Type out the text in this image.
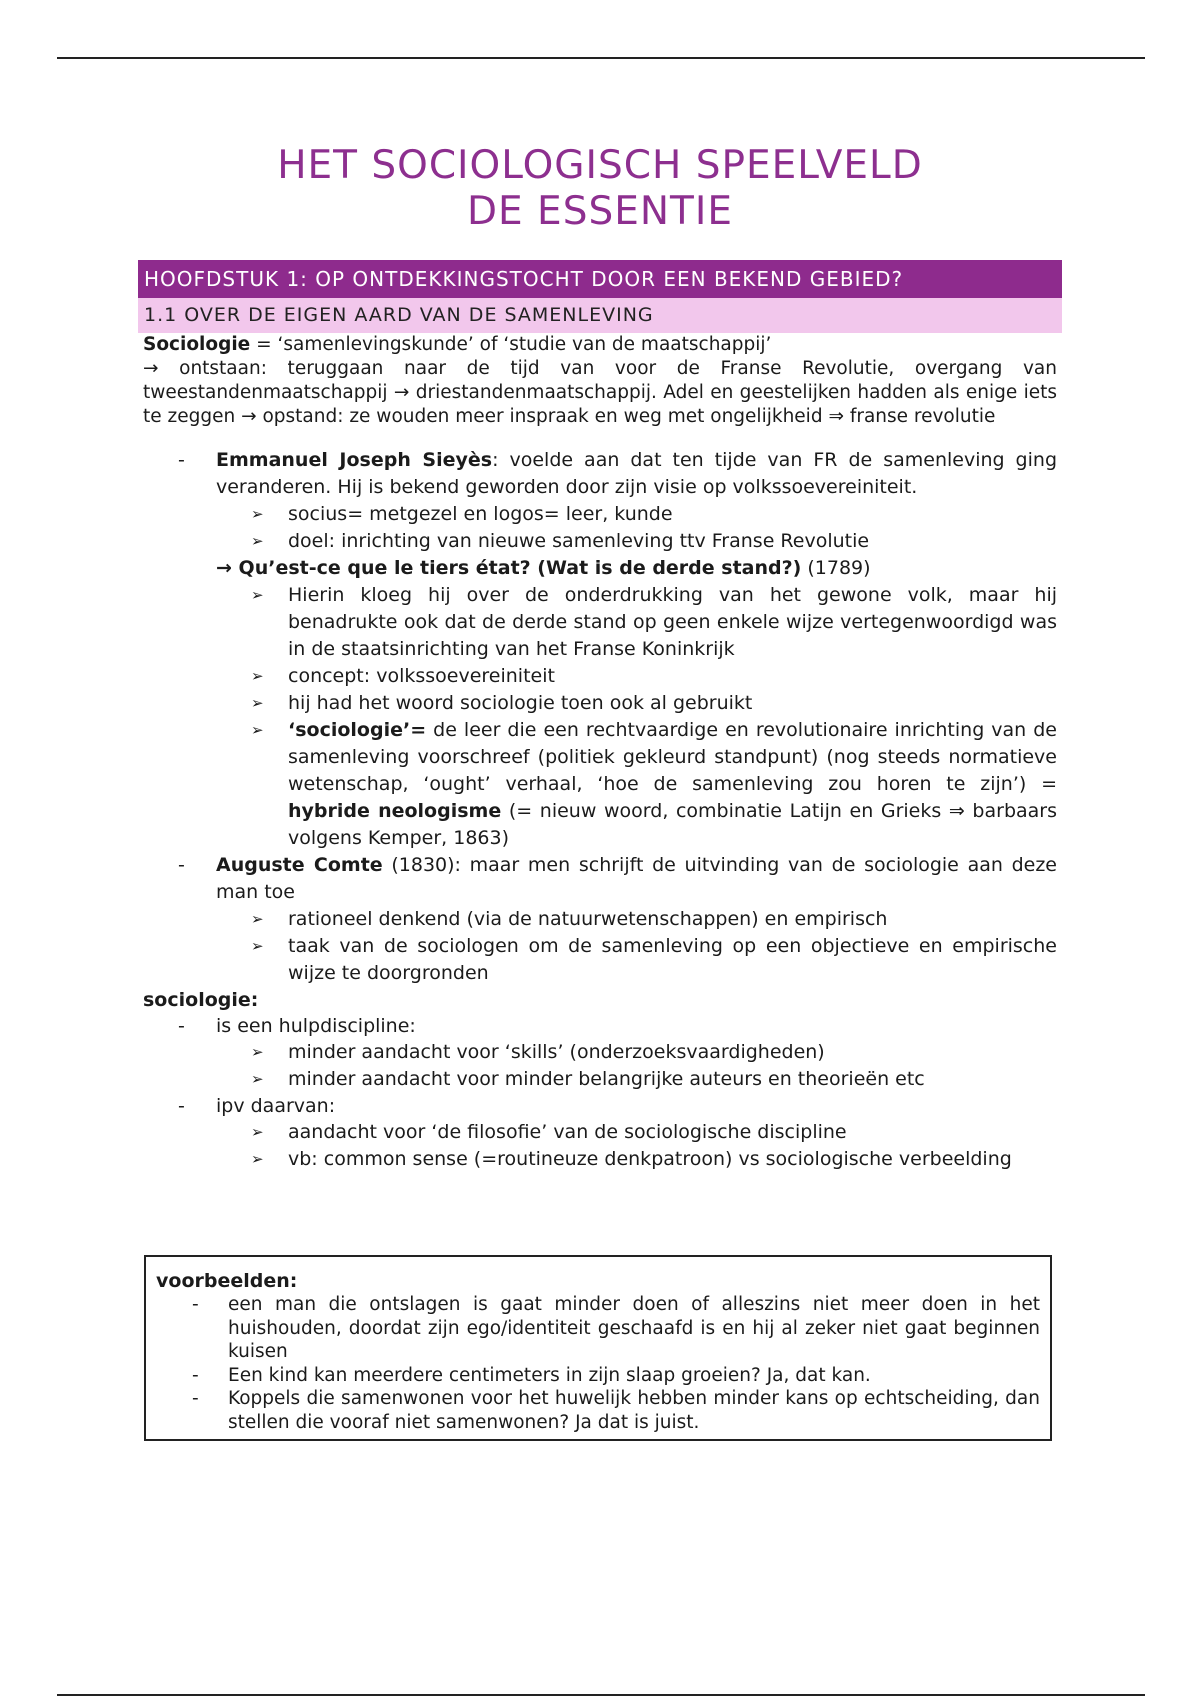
HET SOCIOLOGISCH SPEELVELD
DE ESSENTIE
HOOFDSTUK 1: OP ONTDEKKINGSTOCHT DOOR EEN BEKEND GEBIED?
1.1 OVER DE EIGEN AARD VAN DE SAMENLEVING
Sociologie = ‘samenlevingskunde’ of ‘studie van de maatschappij’
→ ontstaan: teruggaan naar de tijd van voor de Franse Revolutie, overgang van tweestandenmaatschappij → driestandenmaatschappij. Adel en geestelijken hadden als enige iets te zeggen → opstand: ze wouden meer inspraak en weg met ongelijkheid ⇒ franse revolutie
- Emmanuel Joseph Sieyès: voelde aan dat ten tijde van FR de samenleving ging veranderen. Hij is bekend geworden door zijn visie op volkssoevereiniteit.
➢ socius= metgezel en logos= leer, kunde
➢ doel: inrichting van nieuwe samenleving ttv Franse Revolutie
→ Qu’est-ce que le tiers état? (Wat is de derde stand?) (1789)
➢ Hierin kloeg hij over de onderdrukking van het gewone volk, maar hij benadrukte ook dat de derde stand op geen enkele wijze vertegenwoordigd was in de staatsinrichting van het Franse Koninkrijk
➢ concept: volkssoevereiniteit
➢ hij had het woord sociologie toen ook al gebruikt
➢ ‘sociologie’= de leer die een rechtvaardige en revolutionaire inrichting van de samenleving voorschreef (politiek gekleurd standpunt) (nog steeds normatieve wetenschap, ‘ought’ verhaal, ‘hoe de samenleving zou horen te zijn’) = hybride neologisme (= nieuw woord, combinatie Latijn en Grieks ⇒ barbaars volgens Kemper, 1863)
- Auguste Comte (1830): maar men schrijft de uitvinding van de sociologie aan deze man toe
➢ rationeel denkend (via de natuurwetenschappen) en empirisch
➢ taak van de sociologen om de samenleving op een objectieve en empirische wijze te doorgronden
sociologie:
- is een hulpdiscipline:
➢ minder aandacht voor ‘skills’ (onderzoeksvaardigheden)
➢ minder aandacht voor minder belangrijke auteurs en theorieën etc
- ipv daarvan:
➢ aandacht voor ‘de filosofie’ van de sociologische discipline
➢ vb: common sense (=routineuze denkpatroon) vs sociologische verbeelding
voorbeelden:
- een man die ontslagen is gaat minder doen of alleszins niet meer doen in het huishouden, doordat zijn ego/identiteit geschaafd is en hij al zeker niet gaat beginnen kuisen
- Een kind kan meerdere centimeters in zijn slaap groeien? Ja, dat kan.
- Koppels die samenwonen voor het huwelijk hebben minder kans op echtscheiding, dan stellen die vooraf niet samenwonen? Ja dat is juist.
